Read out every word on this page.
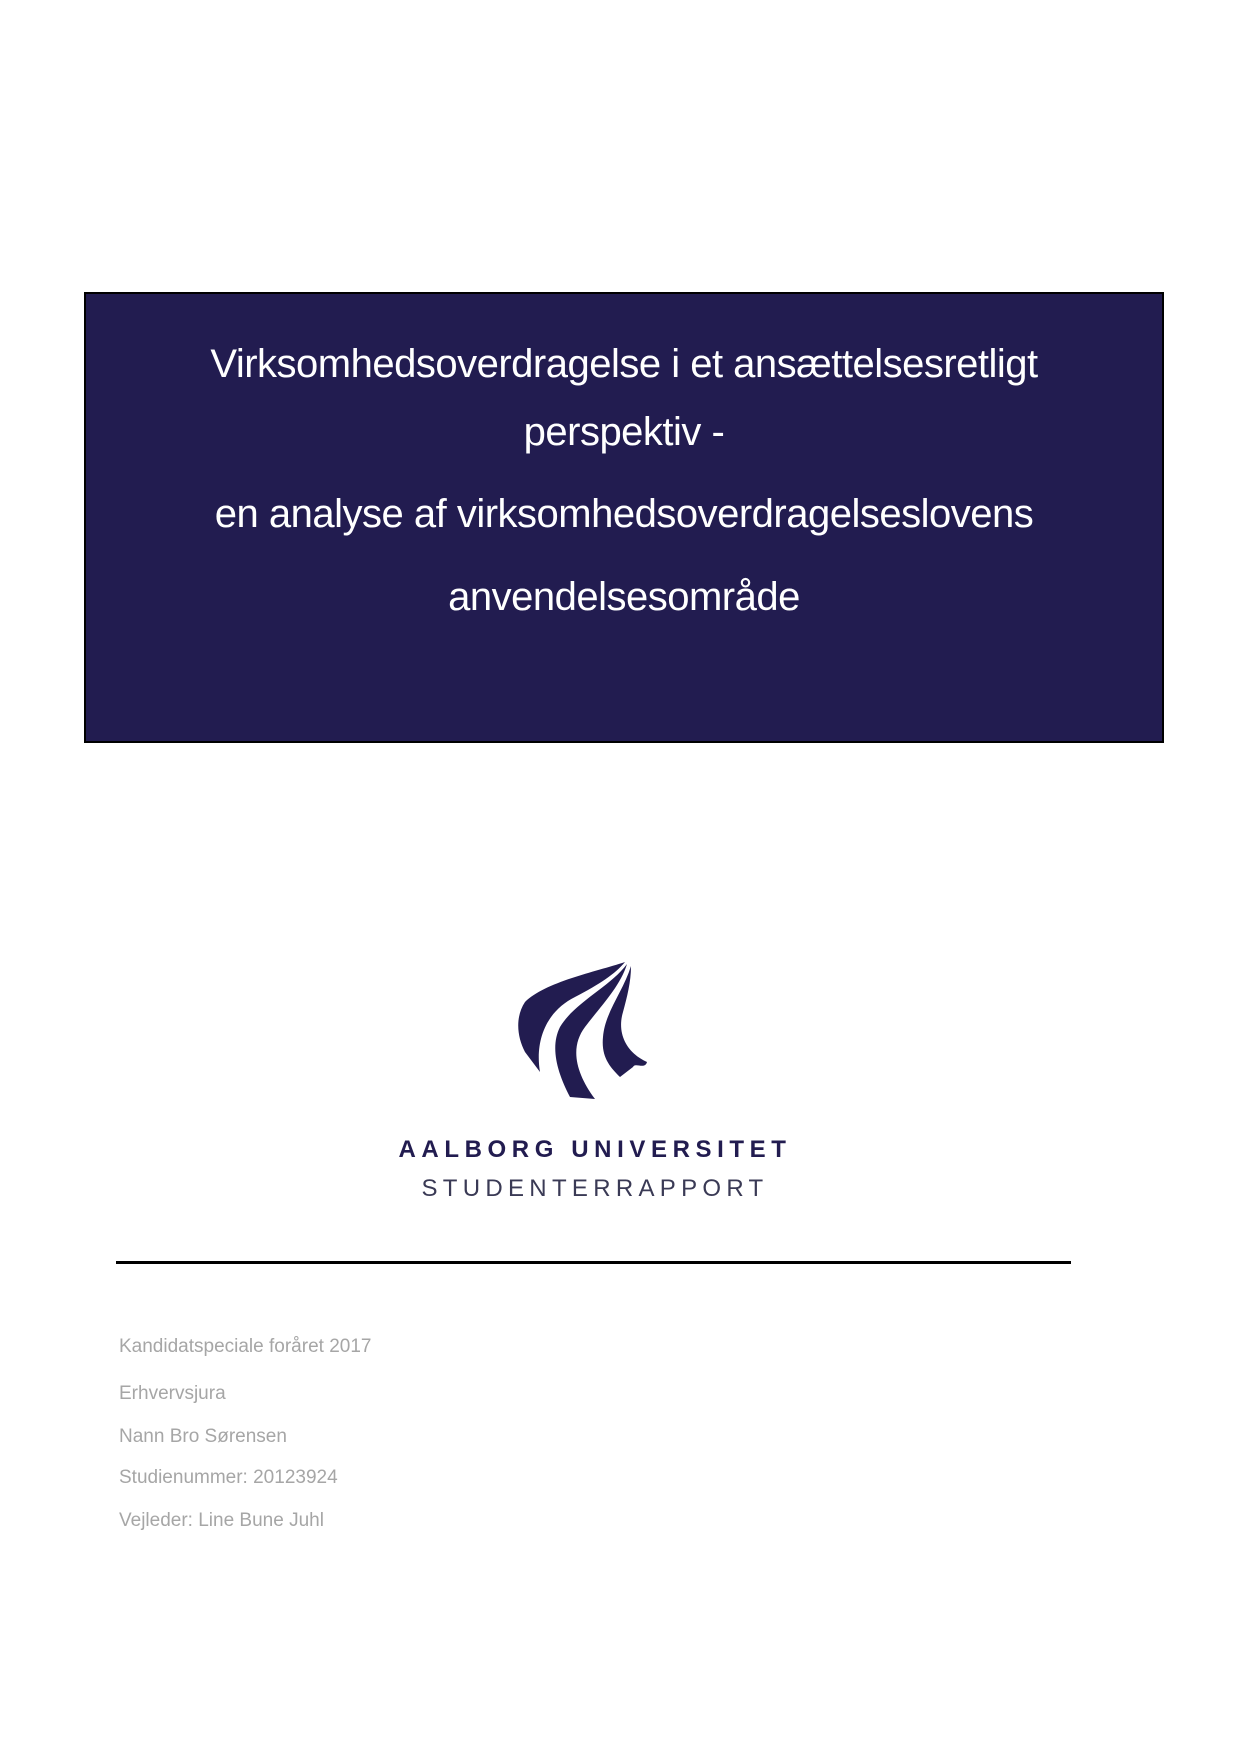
Virksomhedsoverdragelse i et ansættelsesretligt
perspektiv -
en analyse af virksomhedsoverdragelseslovens
anvendelsesområde
AALBORG UNIVERSITET
STUDENTERRAPPORT
Kandidatspeciale foråret 2017
Erhvervsjura
Nann Bro Sørensen
Studienummer: 20123924
Vejleder: Line Bune Juhl
